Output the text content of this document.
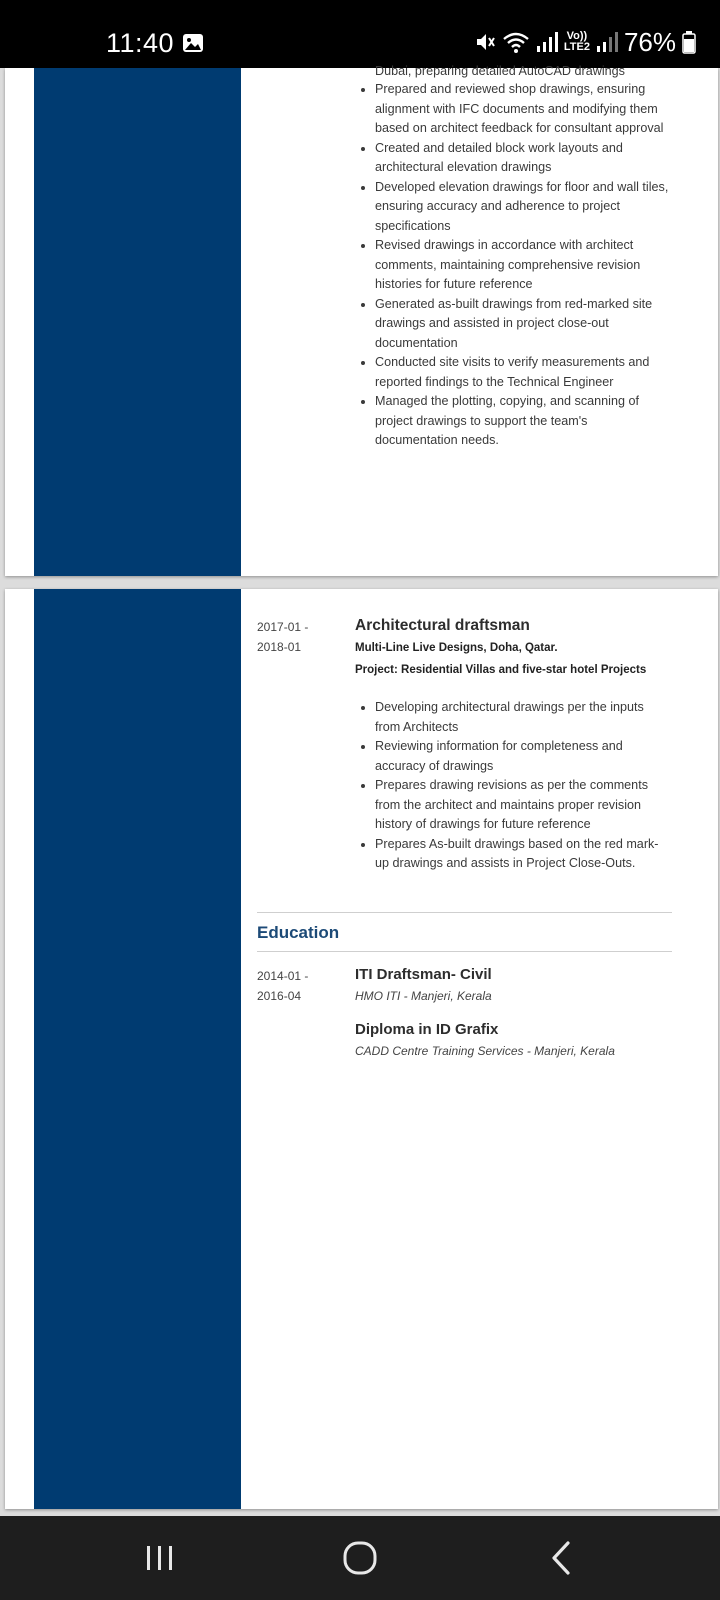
11:40	Vo))
LTE2 76%
Dubai, preparing detailed AutoCAD drawings
• Prepared and reviewed shop drawings, ensuring alignment with IFC documents and modifying them based on architect feedback for consultant approval
• Created and detailed block work layouts and architectural elevation drawings
• Developed elevation drawings for floor and wall tiles, ensuring accuracy and adherence to project specifications
• Revised drawings in accordance with architect comments, maintaining comprehensive revision histories for future reference
• Generated as-built drawings from red-marked site drawings and assisted in project close-out documentation
• Conducted site visits to verify measurements and reported findings to the Technical Engineer
• Managed the plotting, copying, and scanning of project drawings to support the team's documentation needs.
2017-01 -
2018-01
Architectural draftsman
Multi-Line Live Designs, Doha, Qatar.
Project: Residential Villas and five-star hotel Projects
• Developing architectural drawings per the inputs from Architects
• Reviewing information for completeness and accuracy of drawings
• Prepares drawing revisions as per the comments from the architect and maintains proper revision history of drawings for future reference
• Prepares As-built drawings based on the red mark-up drawings and assists in Project Close-Outs.
Education
2014-01 -
2016-04
ITI Draftsman- Civil
HMO ITI - Manjeri, Kerala
Diploma in ID Grafix
CADD Centre Training Services - Manjeri, Kerala
